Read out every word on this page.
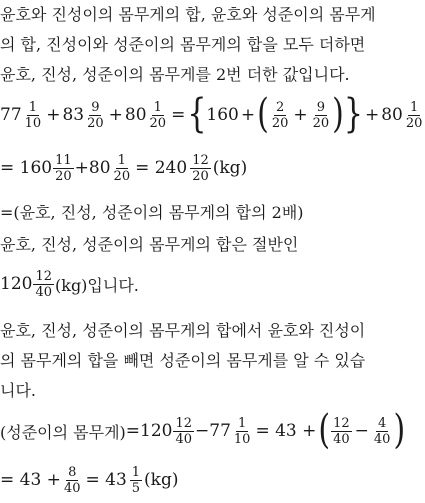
윤호와 진성이의 몸무게의 합, 윤호와 성준이의 몸무게
의 합, 진성이와 성준이의 몸무게의 합을 모두 더하면
윤호, 진성, 성준이의 몸무게를 2번 더한 값입니다.
$77 \frac{1}{10} + 83 \frac{9}{20} + 80 \frac{1}{20}$ = { 160 + ( $\frac{2}{20} + \frac{9}{20}$ ) } + $80 \frac{1}{20}$
= $160 \frac{11}{20} +80 \frac{1}{20} = 240 \frac{12}{20} (kg)$
=(윤호, 진성, 성준이의 몸무게의 합의 2배)
윤호, 진성, 성준이의 몸무게의 합은 절반인
$120 \frac{12}{40} (kg)$입니다.
윤호, 진성, 성준이의 몸무게의 합에서 윤호와 진성이
의 몸무게의 합을 빼면 성준이의 몸무게를 알 수 있습
니다.
(성준이의 몸무게) $=120 \frac{12}{40} -77 \frac{1}{10} = 43$ + ( $\frac{12}{40} - \frac{4}{40}$ )
= $43 + \frac{8}{40} = 43 \frac{1}{5} (kg)$
